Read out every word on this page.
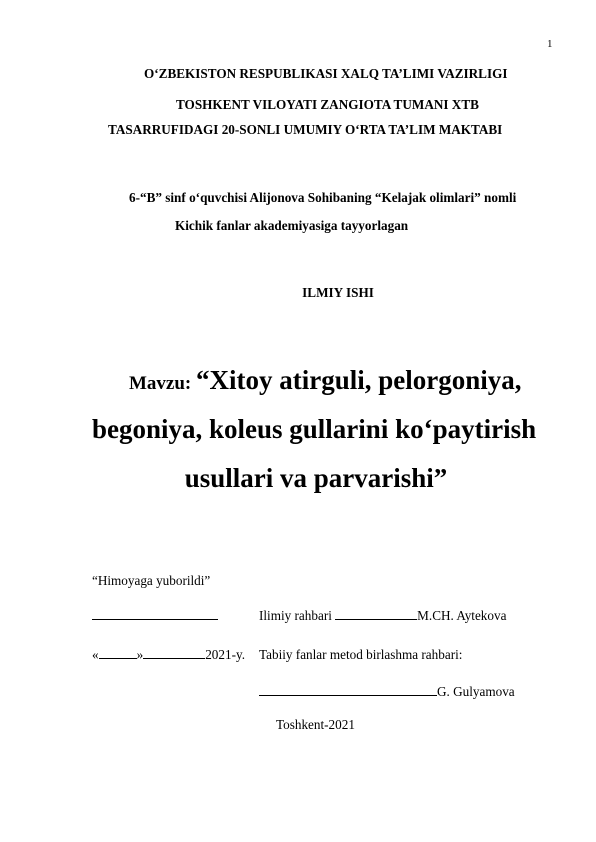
1
O‘ZBEKISTON RESPUBLIKASI XALQ TA’LIMI VAZIRLIGI
TOSHKENT VILOYATI ZANGIOTA TUMANI XTB
TASARRUFIDAGI 20-SONLI UMUMIY O‘RTA TA’LIM MAKTABI
6-“B” sinf o‘quvchisi Alijonova Sohibaning “Kelajak olimlari” nomli
Kichik fanlar akademiyasiga tayyorlagan
ILMIY ISHI
Mavzu: “Xitoy atirguli, pelorgoniya,
begoniya, koleus gullarini ko‘paytirish
usullari va parvarishi”
“Himoyaga yuborildi”
Ilimiy rahbari	M.CH. Aytekova
«	»	2021-y. Tabiiy fanlar metod birlashma rahbari:
G. Gulyamova
Toshkent-2021
